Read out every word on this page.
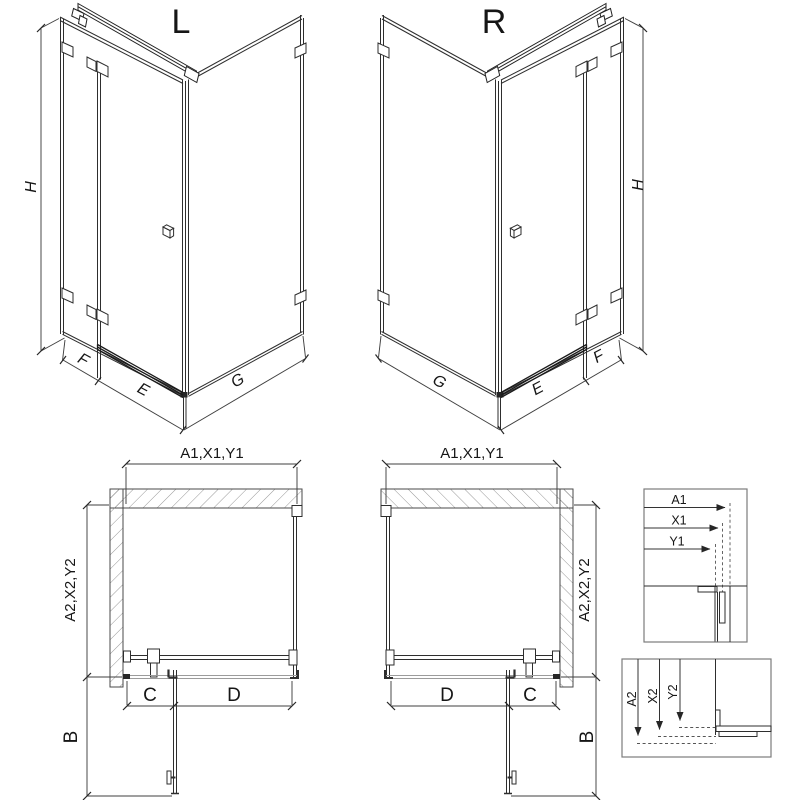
L	R
H
F
E	G
H
G	E
F
A1,X1,Y1
A2,X2,Y2
B
C	D
A1,X1,Y1
A2,X2,Y2
B
D	C
A1
X1
Y1
A2 X2 Y2
